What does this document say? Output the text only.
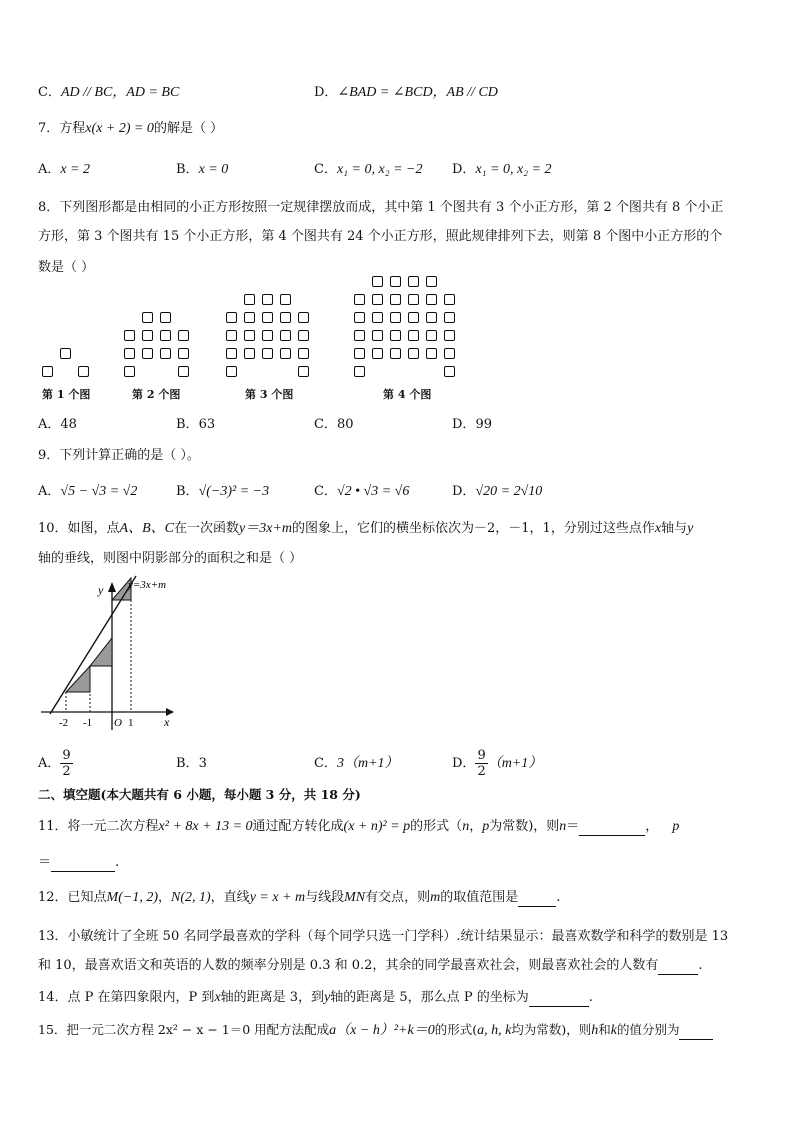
C．AD // BC，AD = BC	D．∠BAD = ∠BCD，AB // CD
7．方程x(x + 2) = 0的解是（ ）
A．x = 2	B．x = 0	C．x₁ = 0, x₂ = −2 D．x₁ = 0, x₂ = 2
8．下列图形都是由相同的小正方形按照一定规律摆放而成，其中第 1 个图共有 3 个小正方形，第 2 个图共有 8 个小正
方形，第 3 个图共有 15 个小正方形，第 4 个图共有 24 个小正方形，照此规律排列下去，则第 8 个图中小正方形的个
数是（ ）
第 1 个图	第 2 个图	第 3 个图	第 4 个图
A．48	B．63	C．80	D．99
9．下列计算正确的是（ ）。
A．√5 − √3 = √2	B．√(−3)² = −3	C．√2 • √3 = √6	D．√20 = 2√10
10．如图，点A、B、C在一次函数y＝3x+m的图象上，它们的横坐标依次为－2，－1，1，分别过这些点作x轴与y
轴的垂线，则图中阴影部分的面积之和是（ ）
y=3x+m
y
x
O
-2 -1	1
A． $\frac{9}{2}$	B．3	C．3（m+1）	D． $\frac{9}{2} (m+1)$
二、填空题(本大题共有 6 小题，每小题 3 分，共 18 分)
11．将一元二次方程x² + 8x + 13 = 0通过配方转化成(x + n)² = p的形式（n，p为常数)，则n＝	， p
＝	.
12．已知点M(−1, 2)，N(2, 1)，直线y = x + m与线段MN有交点，则m的取值范围是	.
13．小敏统计了全班 50 名同学最喜欢的学科（每个同学只选一门学科）.统计结果显示：最喜欢数学和科学的数别是 13
和 10，最喜欢语文和英语的人数的频率分别是 0.3 和 0.2，其余的同学最喜欢社会，则最喜欢社会的人数有	.
14．点 P 在第四象限内，P 到x轴的距离是 3，到y轴的距离是 5，那么点 P 的坐标为	.
15．把一元二次方程 2x² − x − 1＝0 用配方法配成a（x − h）²+k＝0的形式(a, h, k均为常数)，则h和k的值分别为
